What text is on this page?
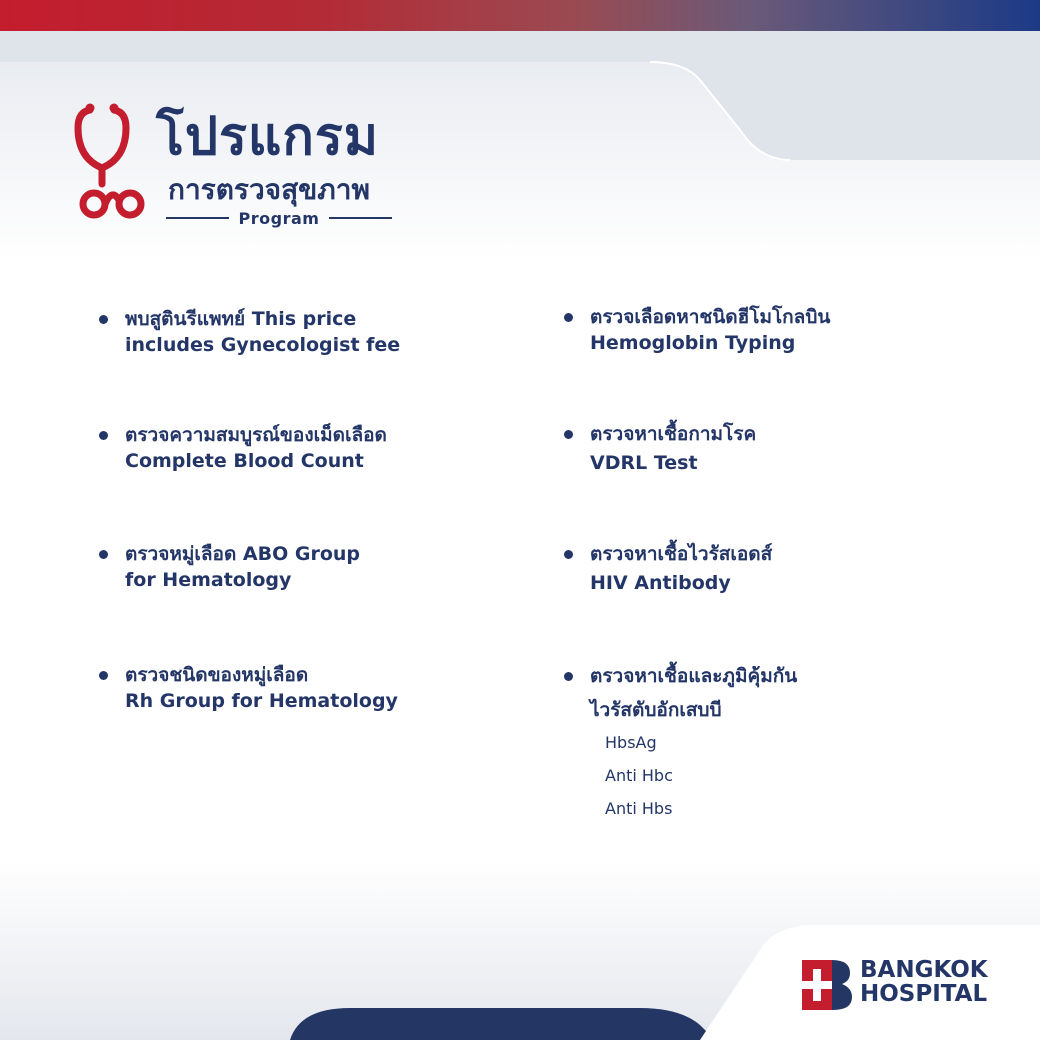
โปรแกรม
การตรวจสุขภาพ
Program
พบสูตินรีแพทย์ This price
includes Gynecologist fee
ตรวจความสมบูรณ์ของเม็ดเลือด
Complete Blood Count
ตรวจหมู่เลือด ABO Group
for Hematology
ตรวจชนิดของหมู่เลือด
Rh Group for Hematology
ตรวจเลือดหาชนิดฮีโมโกลบิน
Hemoglobin Typing
ตรวจหาเชื้อกามโรค
VDRL Test
ตรวจหาเชื้อไวรัสเอดส์
HIV Antibody
ตรวจหาเชื้อและภูมิคุ้มกัน
ไวรัสตับอักเสบบี
HbsAg
Anti Hbc
Anti Hbs
BANGKOK
HOSPITAL
